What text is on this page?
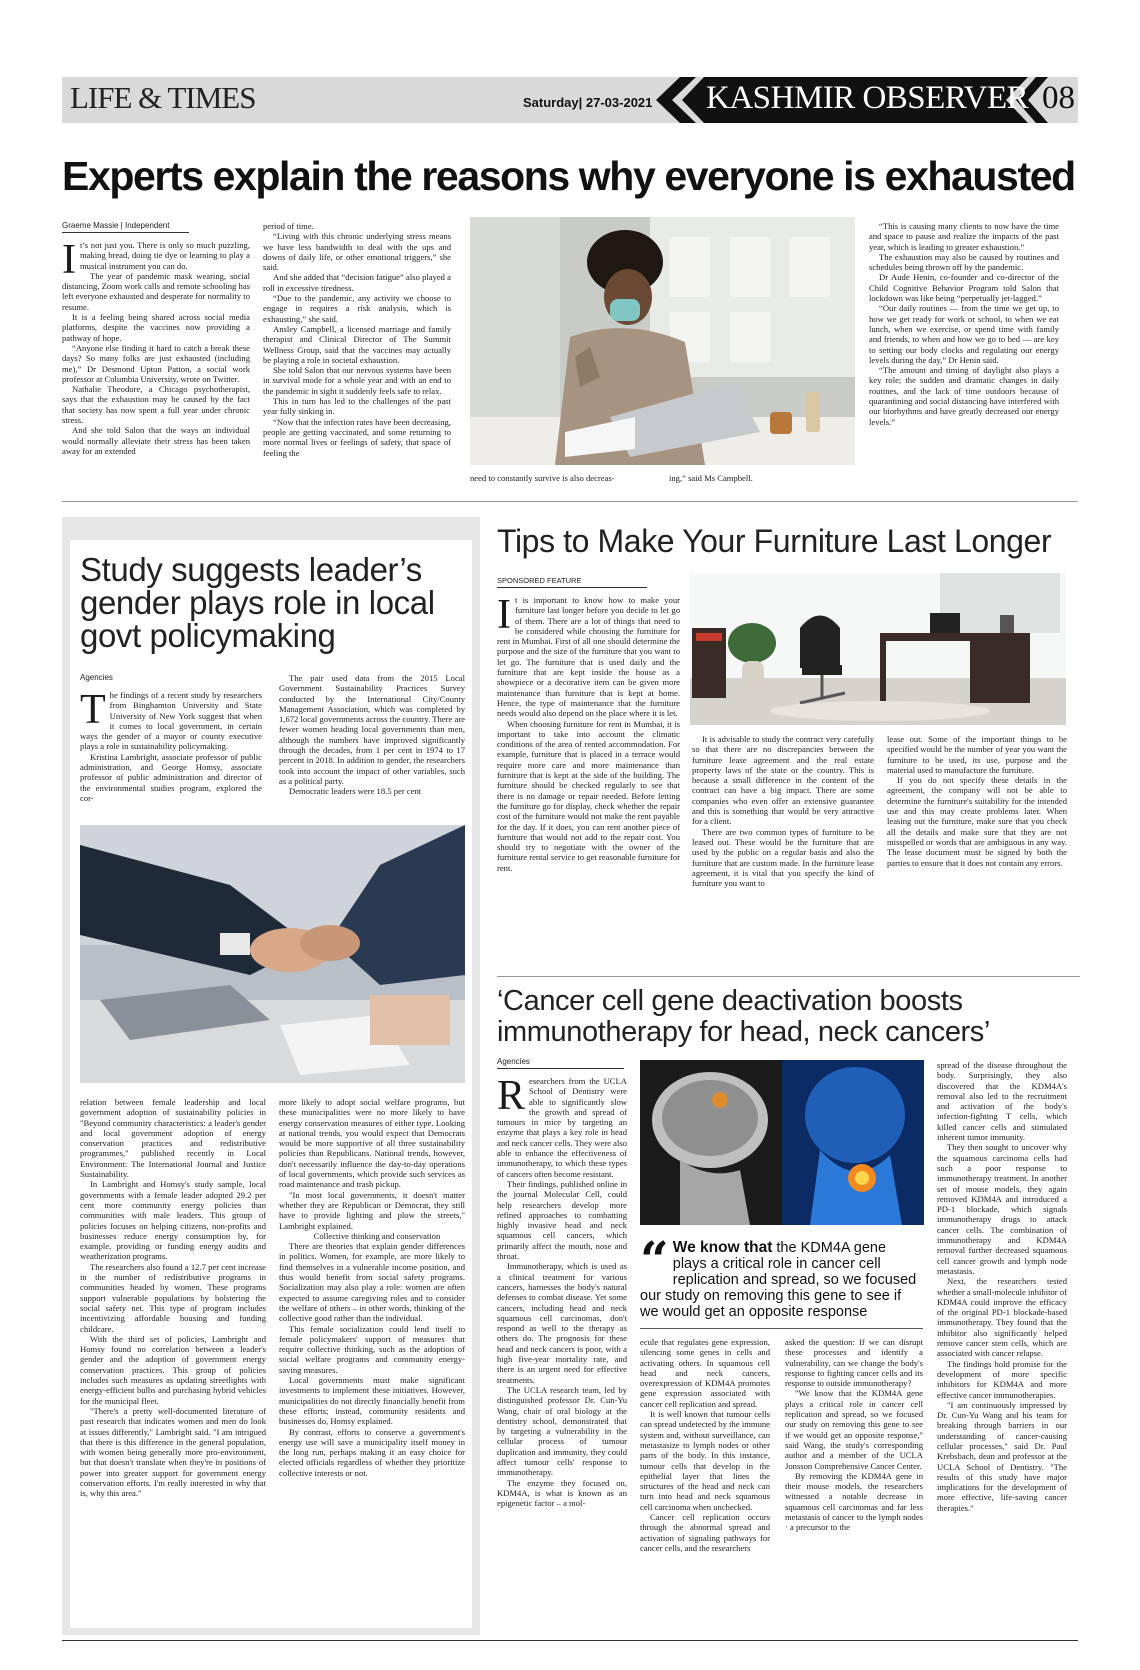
LIFE & TIMES	Saturday| 27-03-2021 KASHMIR OBSERVER 08
Experts explain the reasons why everyone is exhausted
Graeme Massie | Independent

It’s not just you. There is only so much puzzling, making bread, doing tie dye or learning to play a musical instrument you can do.

The year of pandemic mask wearing, social distancing, Zoom work calls and remote schooling has left everyone exhausted and desperate for normality to resume.

It is a feeling being shared across social media platforms, despite the vaccines now providing a pathway of hope.

“Anyone else finding it hard to catch a break these days? So many folks are just exhausted (including me),” Dr Desmond Upton Patton, a social work professor at Columbia University, wrote on Twitter.

Nathalie Theodore, a Chicago psychotherapist, says that the exhaustion may be caused by the fact that society has now spent a full year under chronic stress.

And she told Salon that the ways an individual would normally alleviate their stress has been taken away for an extended

period of time.

“Living with this chronic underlying stress means we have less bandwidth to deal with the ups and downs of daily life, or other emotional triggers,” she said.

And she added that “decision fatigue” also played a roll in excessive tiredness.

“Due to the pandemic, any activity we choose to engage in requires a risk analysis, which is exhausting,” she said.

Ansley Campbell, a licensed marriage and family therapist and Clinical Director of The Summit Wellness Group, said that the vaccines may actually be playing a role in societal exhaustion.

She told Salon that our nervous systems have been in survival mode for a whole year and with an end to the pandemic in sight it suddenly feels safe to relax.

This in turn has led to the challenges of the past year fully sinking in.

“Now that the infection rates have been decreasing, people are getting vaccinated, and some returning to more normal lives or feelings of safety, that space of feeling the

need to constantly survive is also decreas-	ing,” said Ms Campbell.

“This is causing many clients to now have the time and space to pause and realize the impacts of the past year, which is leading to greater exhaustion.”

The exhaustion may also be caused by routines and schedules being thrown off by the pandemic.

Dr Aude Henin, co-founder and co-director of the Child Cognitive Behavior Program told Salon that lockdown was like being “perpetually jet-lagged.”

“Our daily routines — from the time we get up, to how we get ready for work or school, to when we eat lunch, when we exercise, or spend time with family and friends, to when and how we go to bed — are key to setting our body clocks and regulating our energy levels during the day,” Dr Henin said.

“The amount and timing of daylight also plays a key role; the sudden and dramatic changes in daily routines, and the lack of time outdoors because of quarantining and social distancing have interfered with our biorhythms and have greatly decreased our energy levels.”

Study suggests leader’s gender plays role in local govt policymaking
Agencies

The findings of a recent study by researchers from Binghamton University and State University of New York suggest that when it comes to local government, in certain ways the gender of a mayor or county executive plays a role in sustainability policymaking.

Kristina Lambright, associate professor of public administration, and George Homsy, associate professor of public administration and director of the environmental studies program, explored the cor-

The pair used data from the 2015 Local Government Sustainability Practices Survey conducted by the International City/County Management Association, which was completed by 1,672 local governments across the country. There are fewer women heading local governments than men, although the numbers have improved significantly through the decades, from 1 per cent in 1974 to 17 percent in 2018. In addition to gender, the researchers took into account the impact of other variables, such as a political party.

Democratic leaders were 18.5 per cent

relation between female leadership and local government adoption of sustainability policies in "Beyond community characteristics: a leader's gender and local government adoption of energy conservation practices and redistributive programmes," published recently in Local Environment: The International Journal and Justice Sustainability.

In Lambright and Homsy's study sample, local governments with a female leader adopted 29.2 per cent more community energy policies than communities with male leaders. This group of policies focuses on helping citizens, non-profits and businesses reduce energy consumption by, for example, providing or funding energy audits and weatherization programs.

The researchers also found a 12.7 per cent increase in the number of redistributive programs in communities headed by women. These programs support vulnerable populations by bolstering the social safety net. This type of program includes incentivizing affordable housing and funding childcare.

With the third set of policies, Lambright and Homsy found no correlation between a leader's gender and the adoption of government energy conservation practices. This group of policies includes such measures as updating streetlights with energy-efficient bulbs and purchasing hybrid vehicles for the municipal fleet.

"There's a pretty well-documented literature of past research that indicates women and men do look at issues differently," Lambright said. "I am intrigued that there is this difference in the general population, with women being generally more pro-environment, but that doesn't translate when they're in positions of power into greater support for government energy conservation efforts. I'm really interested in why that is, why this area."

more likely to adopt social welfare programs, but these municipalities were no more likely to have energy conservation measures of either type. Looking at national trends, you would expect that Democrats would be more supportive of all three sustainability policies than Republicans. National trends, however, don't necessarily influence the day-to-day operations of local governments, which provide such services as road maintenance and trash pickup.

"In most local governments, it doesn't matter whether they are Republican or Democrat, they still have to provide lighting and plow the streets," Lambright explained.

Collective thinking and conservation

There are theories that explain gender differences in politics. Women, for example, are more likely to find themselves in a vulnerable income position, and thus would benefit from social safety programs. Socialization may also play a role: women are often expected to assume caregiving roles and to consider the welfare of others – in other words, thinking of the collective good rather than the individual.

This female socialization could lend itself to female policymakers' support of measures that require collective thinking, such as the adoption of social welfare programs and community energy-saving measures.

Local governments must make significant investments to implement these initiatives. However, municipalities do not directly financially benefit from these efforts; instead, community residents and businesses do, Homsy explained.

By contrast, efforts to conserve a government's energy use will save a municipality itself money in the long run, perhaps making it an easy choice for elected officials regardless of whether they prioritize collective interests or not.

Tips to Make Your Furniture Last Longer
SPONSORED FEATURE

It is important to know how to make your furniture last longer before you decide to let go of them. There are a lot of things that need to be considered while choosing the furniture for rent in Mumbai. First of all one should determine the purpose and the size of the furniture that you want to let go. The furniture that is used daily and the furniture that are kept inside the house as a showpiece or a decorative item can be given more maintenance than furniture that is kept at home. Hence, the type of maintenance that the furniture needs would also depend on the place where it is let.

When choosing furniture for rent in Mumbai, it is important to take into account the climatic conditions of the area of rented accommodation. For example, furniture that is placed in a terrace would require more care and more maintenance than furniture that is kept at the side of the building. The furniture should be checked regularly to see that there is no damage or repair needed. Before letting the furniture go for display, check whether the repair cost of the furniture would not make the rent payable for the day. If it does, you can rent another piece of furniture that would not add to the repair cost. You should try to negotiate with the owner of the furniture rental service to get reasonable furniture for rent.

It is advisable to study the contract very carefully so that there are no discrepancies between the furniture lease agreement and the real estate property laws of the state or the country. This is because a small difference in the content of the contract can have a big impact. There are some companies who even offer an extensive guarantee and this is something that would be very attractive for a client.

There are two common types of furniture to be leased out. These would be the furniture that are used by the public on a regular basis and also the furniture that are custom made. In the furniture lease agreement, it is vital that you specify the kind of furniture you want to

lease out. Some of the important things to be specified would be the number of year you want the furniture to be used, its use, purpose and the material used to manufacture the furniture.

If you do not specify these details in the agreement, the company will not be able to determine the furniture's suitability for the intended use and this may create problems later. When leasing out the furniture, make sure that you check all the details and make sure that they are not misspelled or words that are ambiguous in any way. The lease document must be signed by both the parties to ensure that it does not contain any errors.

‘Cancer cell gene deactivation boosts immunotherapy for head, neck cancers’
Agencies

Researchers from the UCLA School of Dentistry were able to significantly slow the growth and spread of tumours in mice by targeting an enzyme that plays a key role in head and neck cancer cells. They were also able to enhance the effectiveness of immunotherapy, to which these types of cancers often become resistant.

Their findings, published online in the journal Molecular Cell, could help researchers develop more refined approaches to combatting highly invasive head and neck squamous cell cancers, which primarily affect the mouth, nose and throat.

Immunotherapy, which is used as a clinical treatment for various cancers, harnesses the body's natural defenses to combat disease. Yet some cancers, including head and neck squamous cell carcinomas, don't respond as well to the therapy as others do. The prognosis for these head and neck cancers is poor, with a high five-year mortality rate, and there is an urgent need for effective treatments.

The UCLA research team, led by distinguished professor Dr. Cun-Yu Wang, chair of oral biology at the dentistry school, demonstrated that by targeting a vulnerability in the cellular process of tumour duplication and immunity, they could affect tumour cells' response to immunotherapy.

The enzyme they focused on, KDM4A, is what is known as an epigenetic factor – a mol-

“ We know that the KDM4A gene plays a critical role in cancer cell replication and spread, so we focused our study on removing this gene to see if we would get an opposite response

ecule that regulates gene expression, silencing some genes in cells and activating others. In squamous cell head and neck cancers, overexpression of KDM4A promotes gene expression associated with cancer cell replication and spread.

It is well known that tumour cells can spread undetected by the immune system and, without surveillance, can metastasize to lymph nodes or other parts of the body. In this instance, tumour cells that develop in the epithelial layer that lines the structures of the head and neck can turn into head and neck squamous cell carcinoma when unchecked.

Cancer cell replication occurs through the abnormal spread and activation of signaling pathways for cancer cells, and the researchers

asked the question: If we can disrupt these processes and identify a vulnerability, can we change the body's response to fighting cancer cells and its response to outside immunotherapy?

"We know that the KDM4A gene plays a critical role in cancer cell replication and spread, so we focused our study on removing this gene to see if we would get an opposite response," said Wang, the study's corresponding author and a member of the UCLA Jonsson Comprehensive Cancer Center.

By removing the KDM4A gene in their mouse models, the researchers witnessed a notable decrease in squamous cell carcinomas and far less metastasis of cancer to the lymph nodes · a precursor to the

spread of the disease throughout the body. Surprisingly, they also discovered that the KDM4A's removal also led to the recruitment and activation of the body's infection-fighting T cells, which killed cancer cells and stimulated inherent tumor immunity.

They then sought to uncover why the squamous carcinoma cells had such a poor response to immunotherapy treatment. In another set of mouse models, they again removed KDM4A and introduced a PD-1 blockade, which signals immunotherapy drugs to attack cancer cells. The combination of immunotherapy and KDM4A removal further decreased squamous cell cancer growth and lymph node metastasis.

Next, the researchers tested whether a small-molecule inhibitor of KDM4A could improve the efficacy of the original PD-1 blockade-based immunotherapy. They found that the inhibitor also significantly helped remove cancer stem cells, which are associated with cancer relapse.

The findings hold promise for the development of more specific inhibitors for KDM4A and more effective cancer immunotherapies.

"I am continuously impressed by Dr. Cun-Yu Wang and his team for breaking through barriers in our understanding of cancer-causing cellular processes," said Dr. Paul Krebsbach, dean and professor at the UCLA School of Dentistry. "The results of this study have major implications for the development of more effective, life-saving cancer therapies."
